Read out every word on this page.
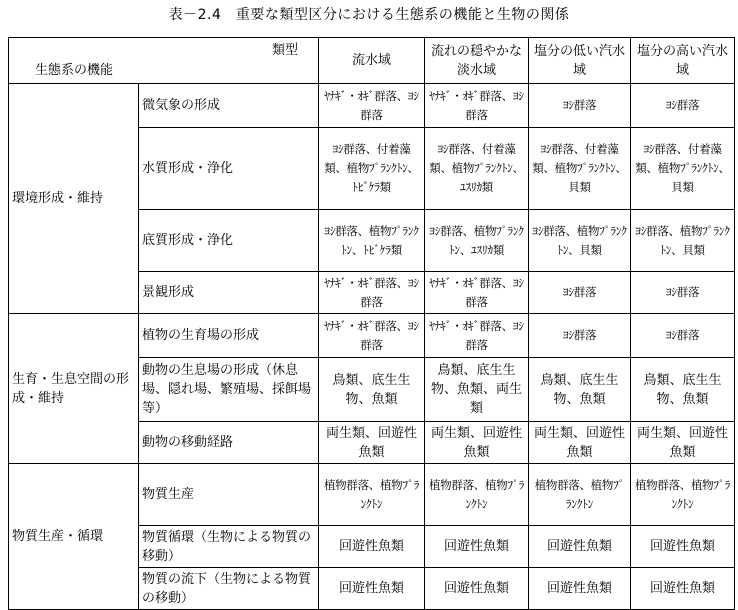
表－2.4　重要な類型区分における生態系の機能と生物の関係
類型
生態系の機能		流水域	流れの穏やかな淡水域	塩分の低い汽水域	塩分の高い汽水域
環境形成・維持	微気象の形成	ﾔﾅｷﾞ・ｵｷﾞ群落、ﾖｼ群落	ﾔﾅｷﾞ・ｵｷﾞ群落、ﾖｼ群落	ﾖｼ群落	ﾖｼ群落
	水質形成・浄化	ﾖｼ群落、付着藻類、植物ﾌﾟﾗﾝｸﾄﾝ、ﾄﾋﾞｹﾗ類	ﾖｼ群落、付着藻類、植物ﾌﾟﾗﾝｸﾄﾝ、ﾕｽﾘｶ類	ﾖｼ群落、付着藻類、植物ﾌﾟﾗﾝｸﾄﾝ、貝類	ﾖｼ群落、付着藻類、植物ﾌﾟﾗﾝｸﾄﾝ、貝類
	底質形成・浄化	ﾖｼ群落、植物ﾌﾟﾗﾝｸﾄﾝ、ﾄﾋﾞｹﾗ類	ﾖｼ群落、植物ﾌﾟﾗﾝｸﾄﾝ、ﾕｽﾘｶ類	ﾖｼ群落、植物ﾌﾟﾗﾝｸﾄﾝ、貝類	ﾖｼ群落、植物ﾌﾟﾗﾝｸﾄﾝ、貝類
	景観形成	ﾔﾅｷﾞ・ｵｷﾞ群落、ﾖｼ群落	ﾔﾅｷﾞ・ｵｷﾞ群落、ﾖｼ群落	ﾖｼ群落	ﾖｼ群落
生育・生息空間の形成・維持	植物の生育場の形成	ﾔﾅｷﾞ・ｵｷﾞ群落、ﾖｼ群落	ﾔﾅｷﾞ・ｵｷﾞ群落、ﾖｼ群落	ﾖｼ群落	ﾖｼ群落
	動物の生息場の形成（休息場、隠れ場、繁殖場、採餌場等）	鳥類、底生生物、魚類	鳥類、底生生物、魚類、両生類	鳥類、底生生物、魚類	鳥類、底生生物、魚類
	動物の移動経路	両生類、回遊性魚類	両生類、回遊性魚類	両生類、回遊性魚類	両生類、回遊性魚類
物質生産・循環	物質生産	植物群落、植物ﾌﾟﾗﾝｸﾄﾝ	植物群落、植物ﾌﾟﾗﾝｸﾄﾝ	植物群落、植物ﾌﾟﾗﾝｸﾄﾝ	植物群落、植物ﾌﾟﾗﾝｸﾄﾝ
	物質循環（生物による物質の移動）	回遊性魚類	回遊性魚類	回遊性魚類	回遊性魚類
	物質の流下（生物による物質の移動）	回遊性魚類	回遊性魚類	回遊性魚類	回遊性魚類
